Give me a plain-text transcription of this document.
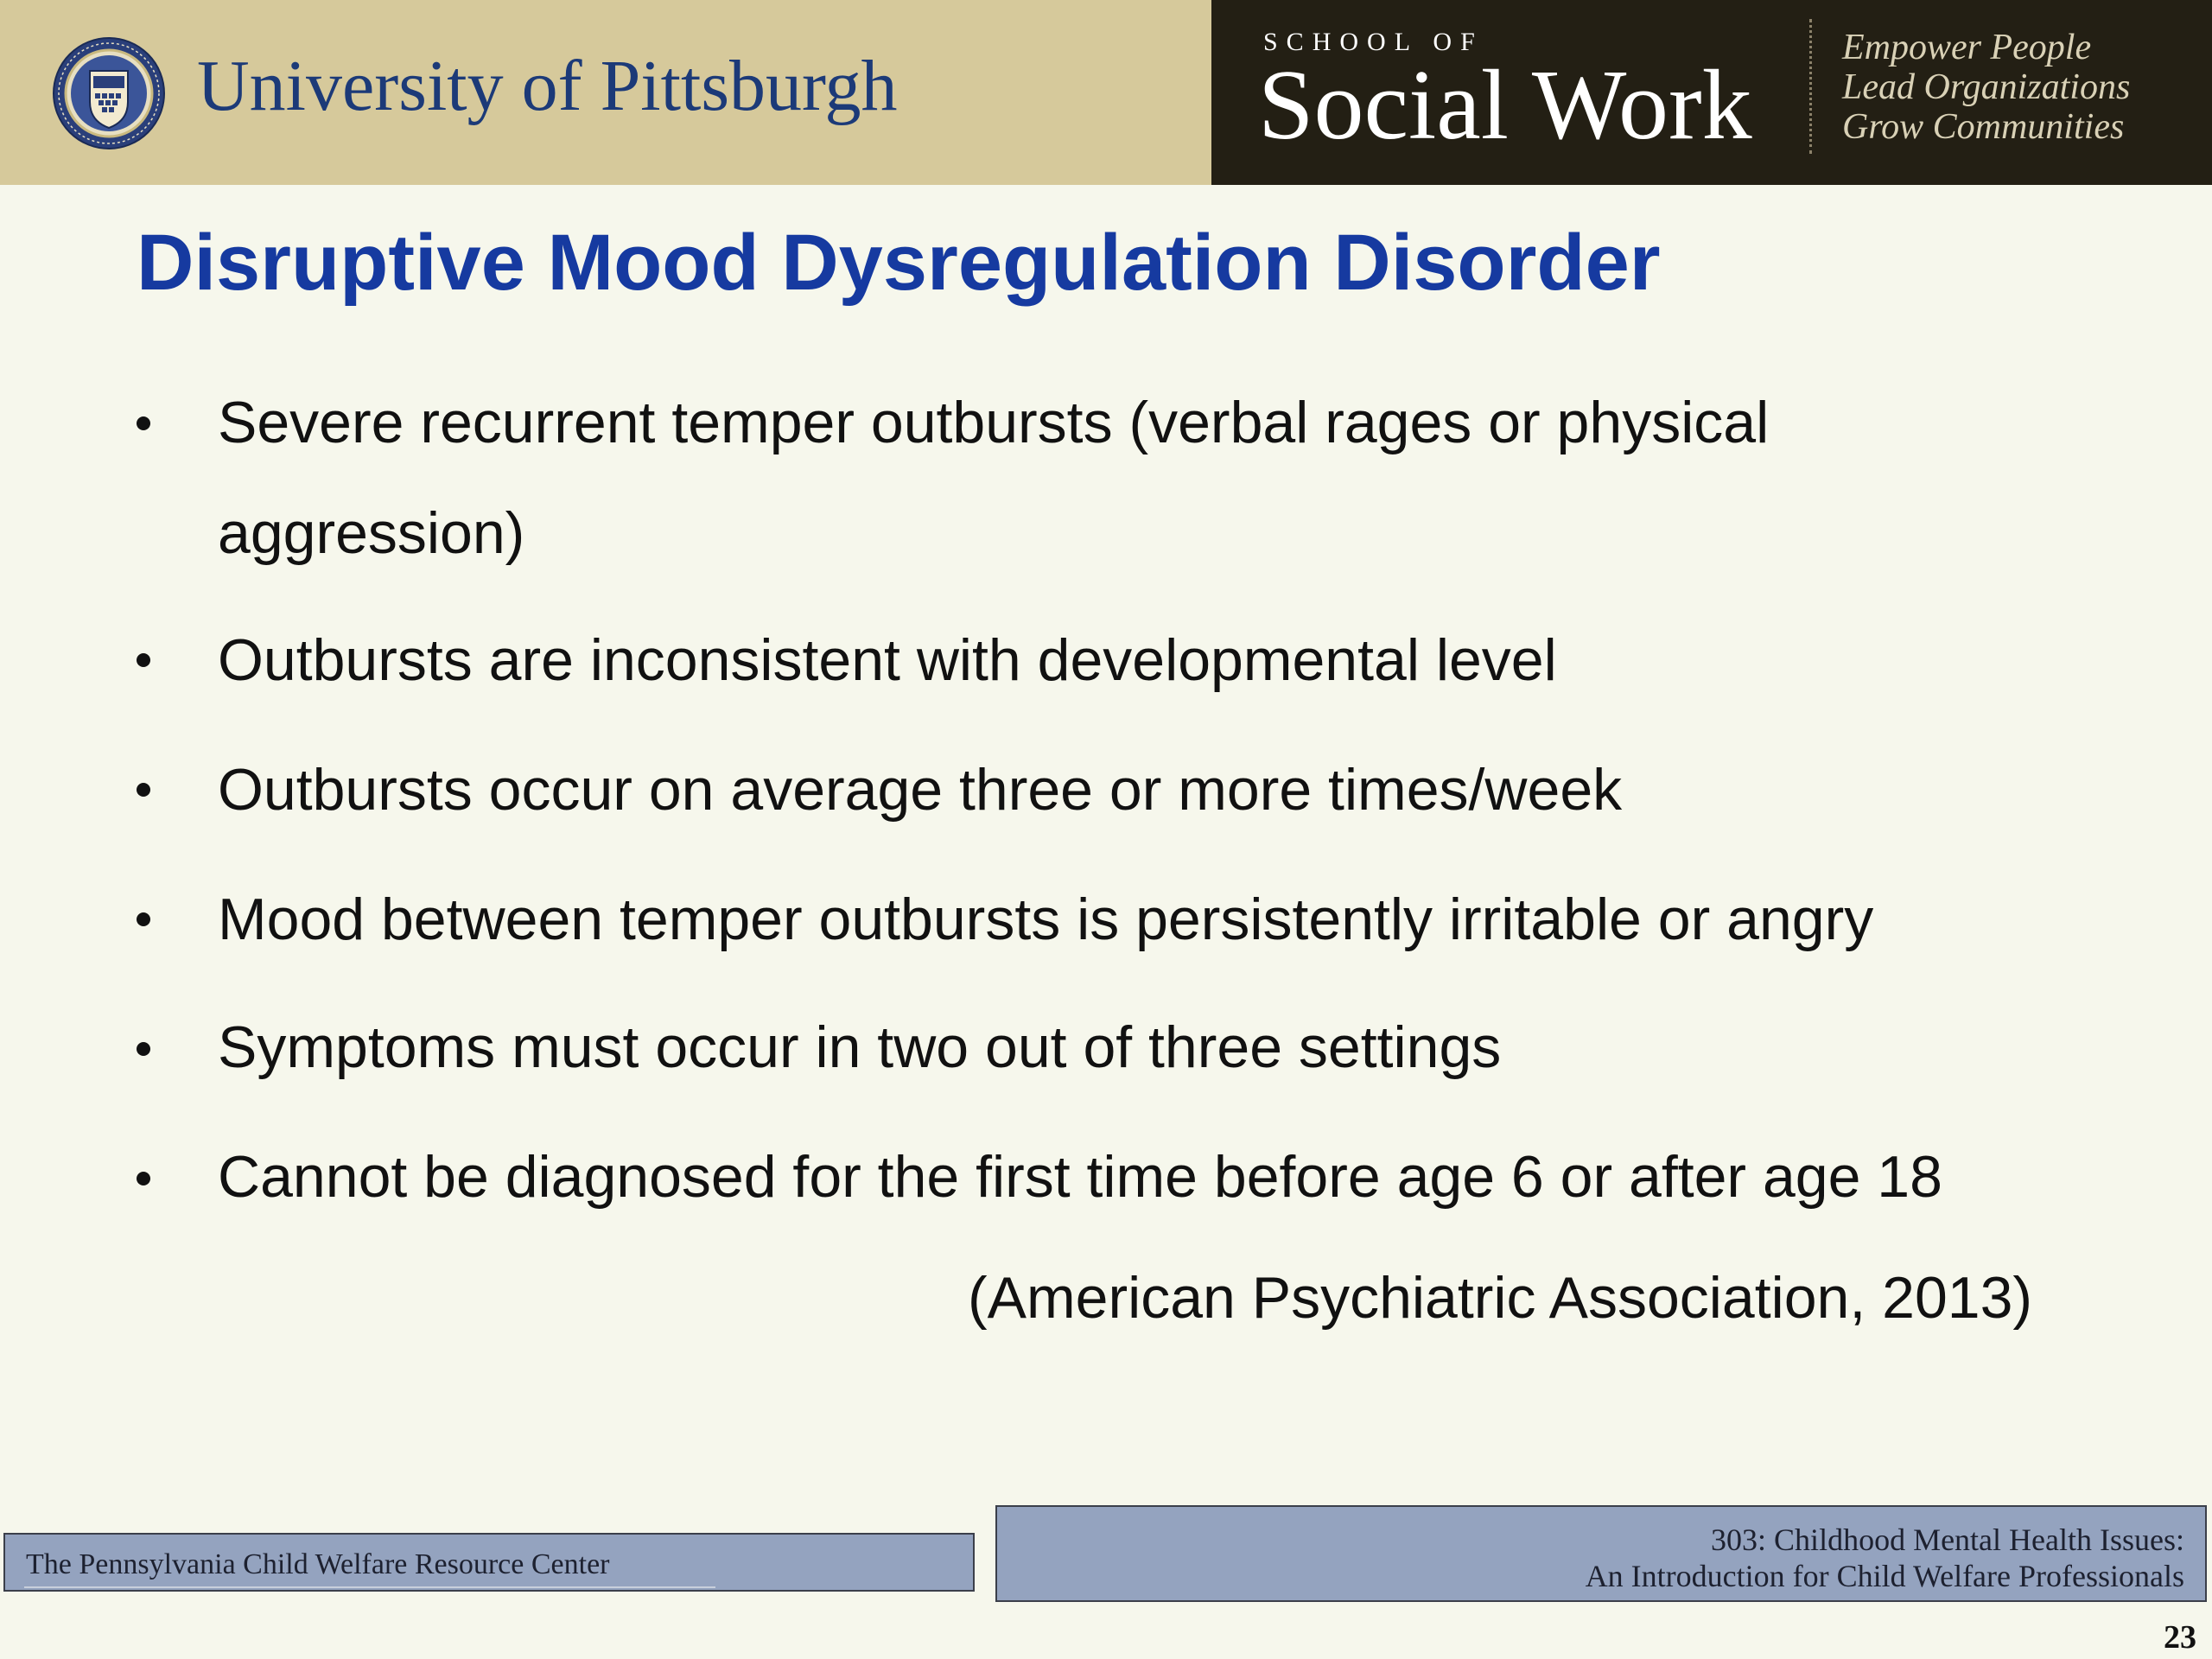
University of Pittsburgh
SCHOOL OF
Social Work
Empower People
Lead Organizations
Grow Communities
Disruptive Mood Dysregulation Disorder
Severe recurrent temper outbursts (verbal rages or physical aggression)
Outbursts are inconsistent with developmental level
Outbursts occur on average three or more times/week
Mood between temper outbursts is persistently irritable or angry
Symptoms must occur in two out of three settings
Cannot be diagnosed for the first time before age 6 or after age 18
(American Psychiatric Association, 2013)
The Pennsylvania Child Welfare Resource Center
303: Childhood Mental Health Issues:
An Introduction for Child Welfare Professionals
23
